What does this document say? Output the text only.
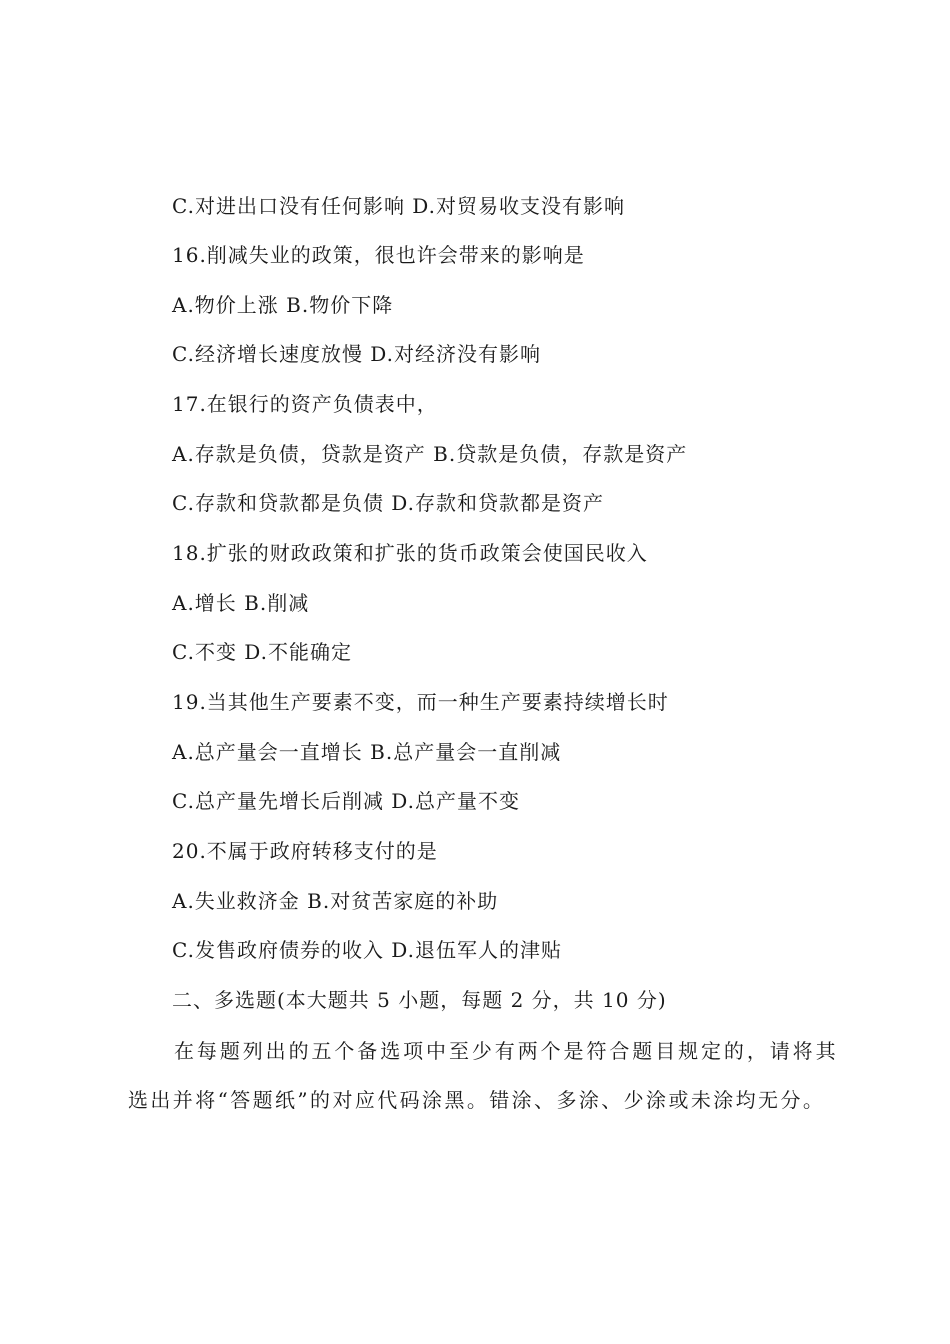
C.对进出口没有任何影响 D.对贸易收支没有影响
16.削减失业的政策，很也许会带来的影响是
A.物价上涨 B.物价下降
C.经济增长速度放慢 D.对经济没有影响
17.在银行的资产负债表中，
A.存款是负债，贷款是资产 B.贷款是负债，存款是资产
C.存款和贷款都是负债 D.存款和贷款都是资产
18.扩张的财政政策和扩张的货币政策会使国民收入
A.增长 B.削减
C.不变 D.不能确定
19.当其他生产要素不变，而一种生产要素持续增长时
A.总产量会一直增长 B.总产量会一直削减
C.总产量先增长后削减 D.总产量不变
20.不属于政府转移支付的是
A.失业救济金 B.对贫苦家庭的补助
C.发售政府债券的收入 D.退伍军人的津贴
二、多选题(本大题共 5 小题，每题 2 分，共 10 分)
在每题列出的五个备选项中至少有两个是符合题目规定的，请将其选出并将“答题纸”的对应代码涂黑。错涂、多涂、少涂或未涂均无分。
